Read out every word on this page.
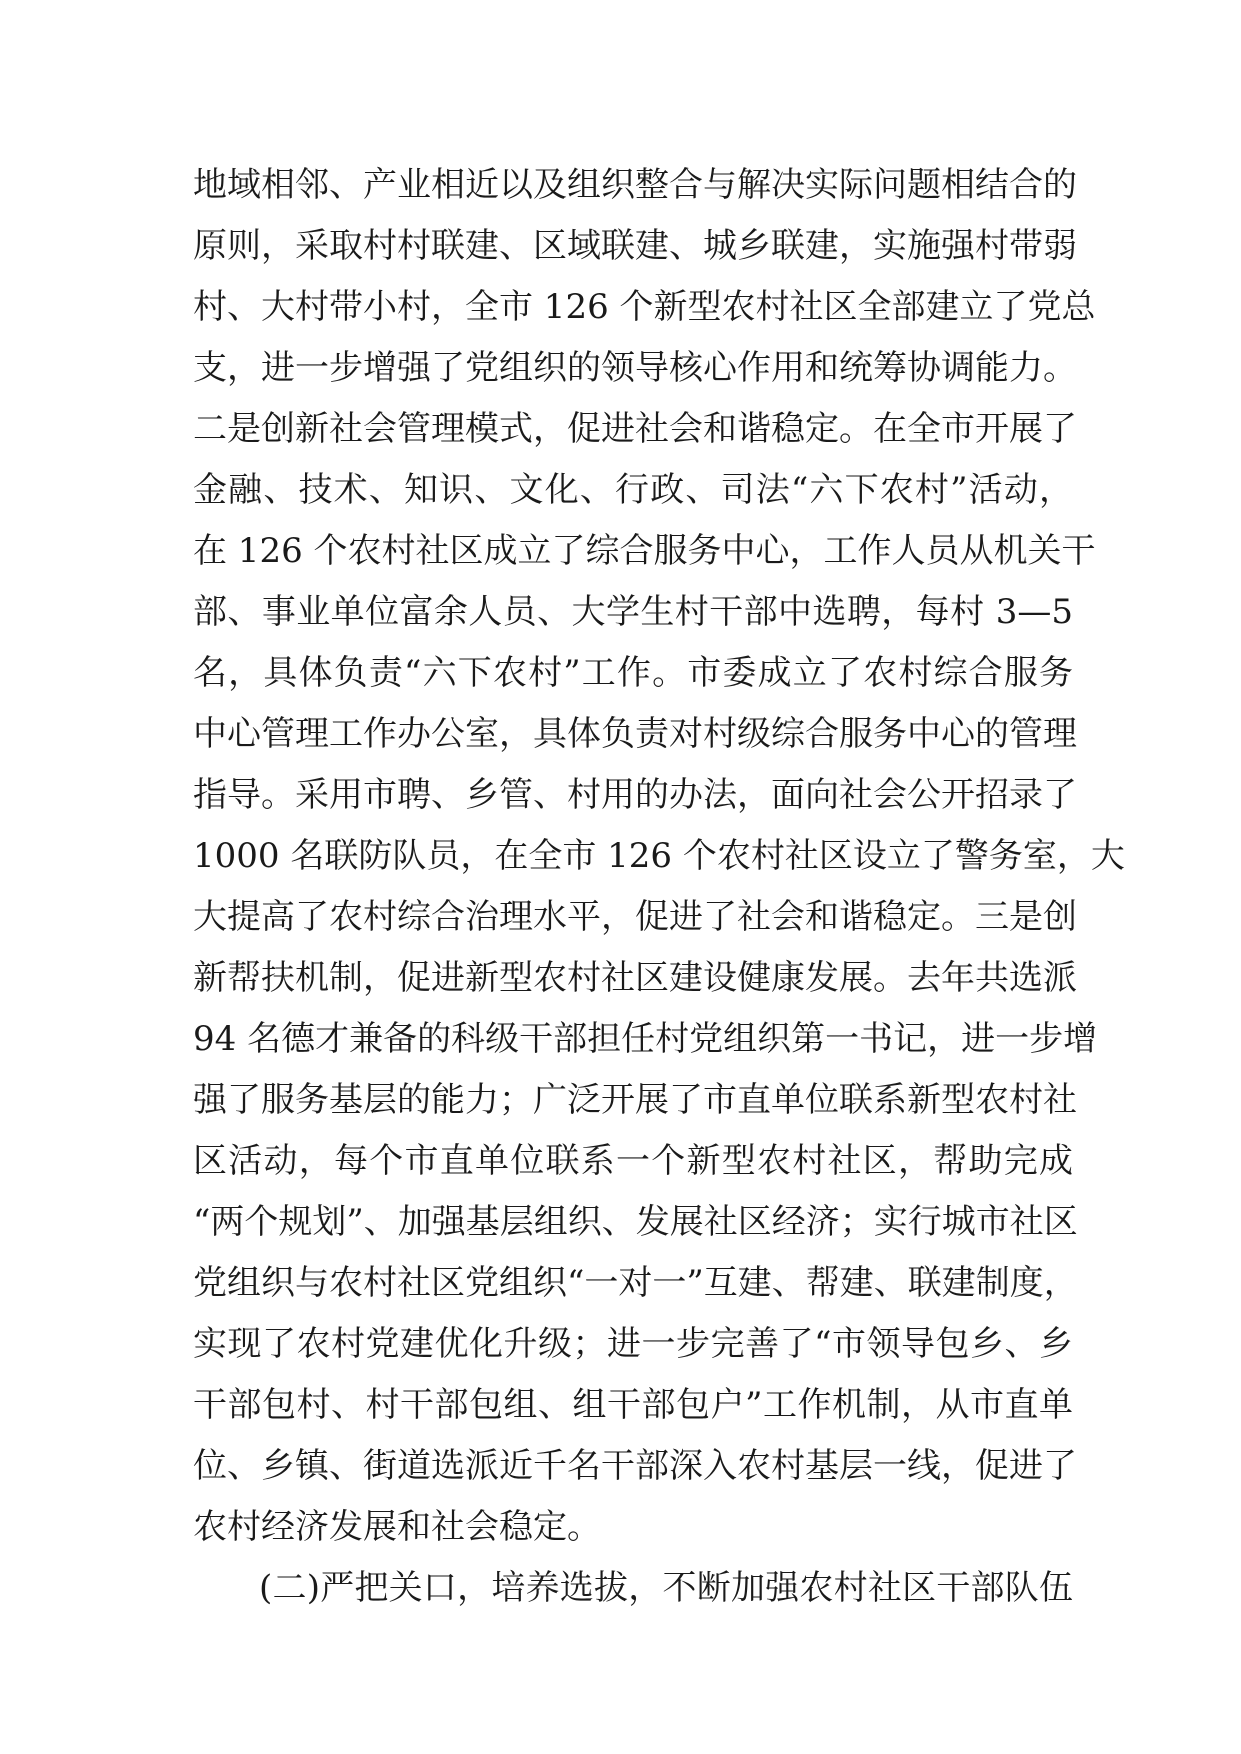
地域相邻、产业相近以及组织整合与解决实际问题相结合的
原则，采取村村联建、区域联建、城乡联建，实施强村带弱
村、大村带小村，全市 126 个新型农村社区全部建立了党总
支，进一步增强了党组织的领导核心作用和统筹协调能力。
二是创新社会管理模式，促进社会和谐稳定。在全市开展了
金融、技术、知识、文化、行政、司法“六下农村”活动，
在 126 个农村社区成立了综合服务中心，工作人员从机关干
部、事业单位富余人员、大学生村干部中选聘，每村 3—5
名，具体负责“六下农村”工作。市委成立了农村综合服务
中心管理工作办公室，具体负责对村级综合服务中心的管理
指导。采用市聘、乡管、村用的办法，面向社会公开招录了
1000 名联防队员，在全市 126 个农村社区设立了警务室，大
大提高了农村综合治理水平，促进了社会和谐稳定。三是创
新帮扶机制，促进新型农村社区建设健康发展。去年共选派
94 名德才兼备的科级干部担任村党组织第一书记，进一步增
强了服务基层的能力；广泛开展了市直单位联系新型农村社
区活动，每个市直单位联系一个新型农村社区，帮助完成
“两个规划”、加强基层组织、发展社区经济；实行城市社区
党组织与农村社区党组织“一对一”互建、帮建、联建制度，
实现了农村党建优化升级；进一步完善了“市领导包乡、乡
干部包村、村干部包组、组干部包户”工作机制，从市直单
位、乡镇、街道选派近千名干部深入农村基层一线，促进了
农村经济发展和社会稳定。
(二)严把关口，培养选拔，不断加强农村社区干部队伍
